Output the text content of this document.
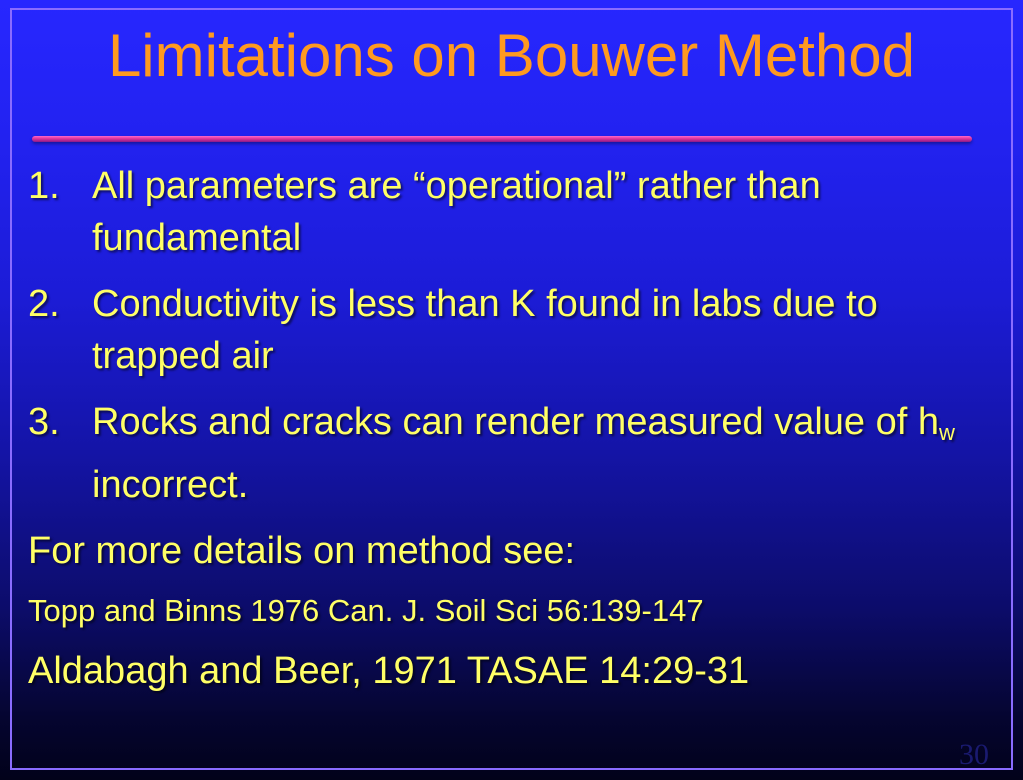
Limitations on Bouwer Method
1. All parameters are “operational” rather than fundamental
2. Conductivity is less than K found in labs due to trapped air
3. Rocks and cracks can render measured value of $h_w$ incorrect.
For more details on method see:
Topp and Binns 1976 Can. J. Soil Sci 56:139-147
Aldabagh and Beer, 1971 TASAE 14:29-31
30
